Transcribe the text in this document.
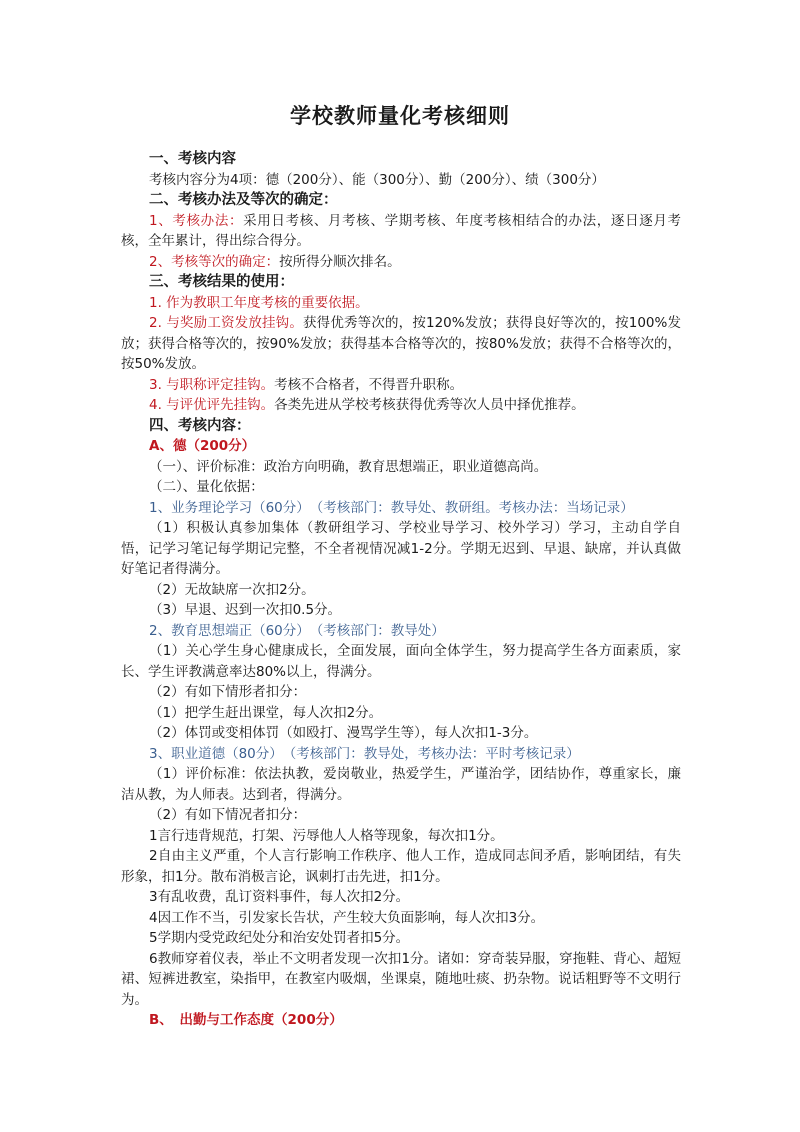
学校教师量化考核细则

一、考核内容

考核内容分为4项：德（200分）、能（300分）、勤（200分）、绩（300分）

二、考核办法及等次的确定：

1、考核办法：采用日考核、月考核、学期考核、年度考核相结合的办法，逐日逐月考核，全年累计，得出综合得分。

2、考核等次的确定：按所得分顺次排名。

三、考核结果的使用：

1. 作为教职工年度考核的重要依据。

2. 与奖励工资发放挂钩。获得优秀等次的，按120%发放；获得良好等次的，按100%发放；获得合格等次的，按90%发放；获得基本合格等次的，按80%发放；获得不合格等次的，按50%发放。

3. 与职称评定挂钩。考核不合格者，不得晋升职称。

4. 与评优评先挂钩。各类先进从学校考核获得优秀等次人员中择优推荐。

四、考核内容：

A、德（200分）

（一）、评价标准：政治方向明确，教育思想端正，职业道德高尚。

（二）、量化依据：

1、业务理论学习（60分）　 （考核部门：教导处、教研组。考核办法：当场记录）

（1）积极认真参加集体（教研组学习、学校业导学习、校外学习）学习，主动自学自悟，记学习笔记每学期记完整，不全者视情况减1-2分。学期无迟到、早退、缺席，并认真做好笔记者得满分。

（2）无故缺席一次扣2分。

（3）早退、迟到一次扣0.5分。

2、教育思想端正（60分）　 （考核部门：教导处）

（1）关心学生身心健康成长，全面发展，面向全体学生，努力提高学生各方面素质，家长、学生评教满意率达80%以上，得满分。

（2）有如下情形者扣分：

（1）把学生赶出课堂，每人次扣2分。

（2）体罚或变相体罚（如殴打、漫骂学生等），每人次扣1-3分。

3、职业道德（80分）　 （考核部门：教导处，考核办法：平时考核记录）

（1）评价标准：依法执教，爱岗敬业，热爱学生，严谨治学，团结协作，尊重家长，廉洁从教，为人师表。达到者，得满分。

（2）有如下情况者扣分：

1言行违背规范，打架、污辱他人人格等现象，每次扣1分。

2自由主义严重，个人言行影响工作秩序、他人工作，造成同志间矛盾，影响团结，有失形象，扣1分。散布消极言论，讽刺打击先进，扣1分。

3有乱收费，乱订资料事件，每人次扣2分。

4因工作不当，引发家长告状，产生较大负面影响，每人次扣3分。

5学期内受党政纪处分和治安处罚者扣5分。

6教师穿着仪表，举止不文明者发现一次扣1分。诸如：穿奇装异服，穿拖鞋、背心、超短裙、短裤进教室，染指甲，在教室内吸烟，坐课桌，随地吐痰、扔杂物。说话粗野等不文明行为。

B、　出勤与工作态度（200分）
